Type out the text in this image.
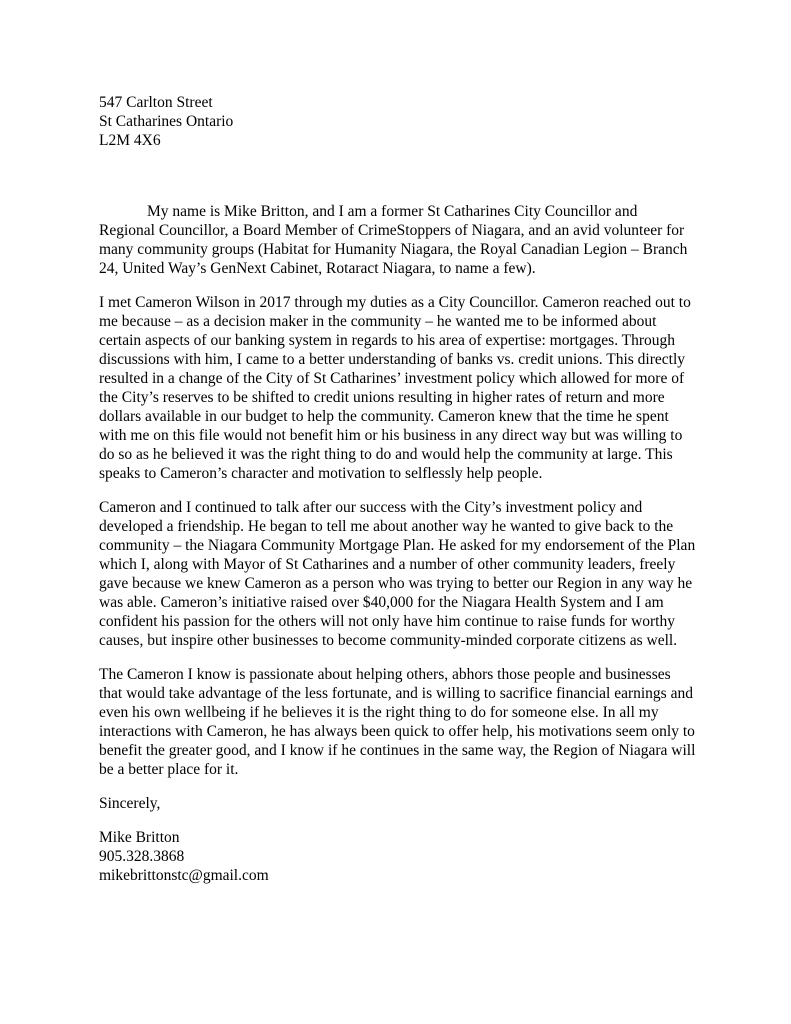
547 Carlton Street
St Catharines Ontario
L2M 4X6

My name is Mike Britton, and I am a former St Catharines City Councillor and Regional Councillor, a Board Member of CrimeStoppers of Niagara, and an avid volunteer for many community groups (Habitat for Humanity Niagara, the Royal Canadian Legion – Branch 24, United Way’s GenNext Cabinet, Rotaract Niagara, to name a few).

I met Cameron Wilson in 2017 through my duties as a City Councillor. Cameron reached out to me because – as a decision maker in the community – he wanted me to be informed about certain aspects of our banking system in regards to his area of expertise: mortgages. Through discussions with him, I came to a better understanding of banks vs. credit unions. This directly resulted in a change of the City of St Catharines’ investment policy which allowed for more of the City’s reserves to be shifted to credit unions resulting in higher rates of return and more dollars available in our budget to help the community. Cameron knew that the time he spent with me on this file would not benefit him or his business in any direct way but was willing to do so as he believed it was the right thing to do and would help the community at large. This speaks to Cameron’s character and motivation to selflessly help people.

Cameron and I continued to talk after our success with the City’s investment policy and developed a friendship. He began to tell me about another way he wanted to give back to the community – the Niagara Community Mortgage Plan. He asked for my endorsement of the Plan which I, along with Mayor of St Catharines and a number of other community leaders, freely gave because we knew Cameron as a person who was trying to better our Region in any way he was able. Cameron’s initiative raised over $40,000 for the Niagara Health System and I am confident his passion for the others will not only have him continue to raise funds for worthy causes, but inspire other businesses to become community-minded corporate citizens as well.

The Cameron I know is passionate about helping others, abhors those people and businesses that would take advantage of the less fortunate, and is willing to sacrifice financial earnings and even his own wellbeing if he believes it is the right thing to do for someone else. In all my interactions with Cameron, he has always been quick to offer help, his motivations seem only to benefit the greater good, and I know if he continues in the same way, the Region of Niagara will be a better place for it.

Sincerely,

Mike Britton
905.328.3868
mikebrittonstc@gmail.com
